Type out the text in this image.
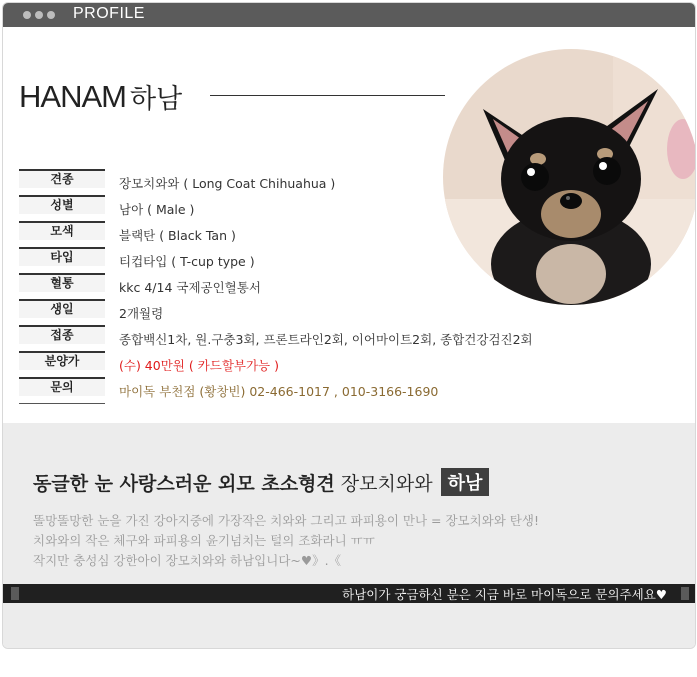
PROFILE
HANAM 하남
견종	장모치와와 ( Long Coat Chihuahua )
성별	남아 ( Male )
모색	블랙탄 ( Black Tan )
타입	티컵타입 ( T-cup type )
혈통	kkc 4/14 국제공인혈통서
생일	2개월령
접종	종합백신1차, 원.구충3회, 프론트라인2회, 이어마이트2회, 종합건강검진2회
분양가	(수) 40만원 ( 카드할부가능 )
문의	마이독 부천점 (황창빈) 02-466-1017 , 010-3166-1690
동글한 눈 사랑스러운 외모 초소형견 장모치와와 하남
똘망똘망한 눈을 가진 강아지중에 가장작은 치와와 그리고 파피용이 만나 = 장모치와와 탄생!
치와와의 작은 체구와 파피용의 윤기넘치는 털의 조화라니 ㅠㅠ
작지만 충성심 강한아이 장모치와와 하남입니다~♥》.《
하남이가 궁금하신 분은 지금 바로 마이독으로 문의주세요♥
